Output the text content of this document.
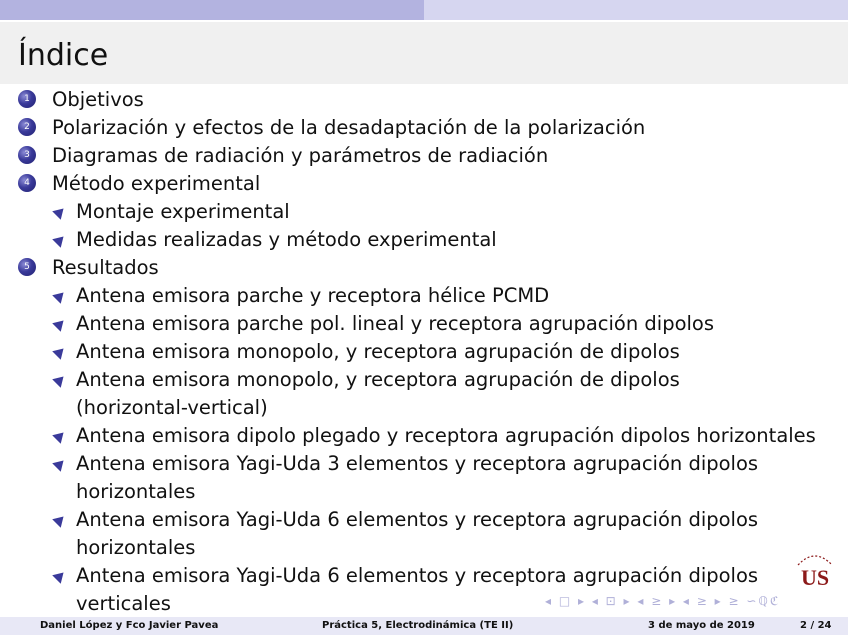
Índice
1 Objetivos
2 Polarización y efectos de la desadaptación de la polarización
3 Diagramas de radiación y parámetros de radiación
4 Método experimental
Montaje experimental
Medidas realizadas y método experimental
5 Resultados
Antena emisora parche y receptora hélice PCMD
Antena emisora parche pol. lineal y receptora agrupación dipolos
Antena emisora monopolo, y receptora agrupación de dipolos
Antena emisora monopolo, y receptora agrupación de dipolos
(horizontal-vertical)
Antena emisora dipolo plegado y receptora agrupación dipolos horizontales
Antena emisora Yagi-Uda 3 elementos y receptora agrupación dipolos
horizontales
Antena emisora Yagi-Uda 6 elementos y receptora agrupación dipolos
horizontales
Antena emisora Yagi-Uda 6 elementos y receptora agrupación dipolos
verticales	◂ □ ▸ ◂ ⊡ ▸ ◂ ≥ ▸ ◂ ≥ ▸ ≥ ∽ℚℭ
US
Daniel López y Fco Javier Pavea	Práctica 5, Electrodinámica (TE II)	3 de mayo de 2019	2 / 24
